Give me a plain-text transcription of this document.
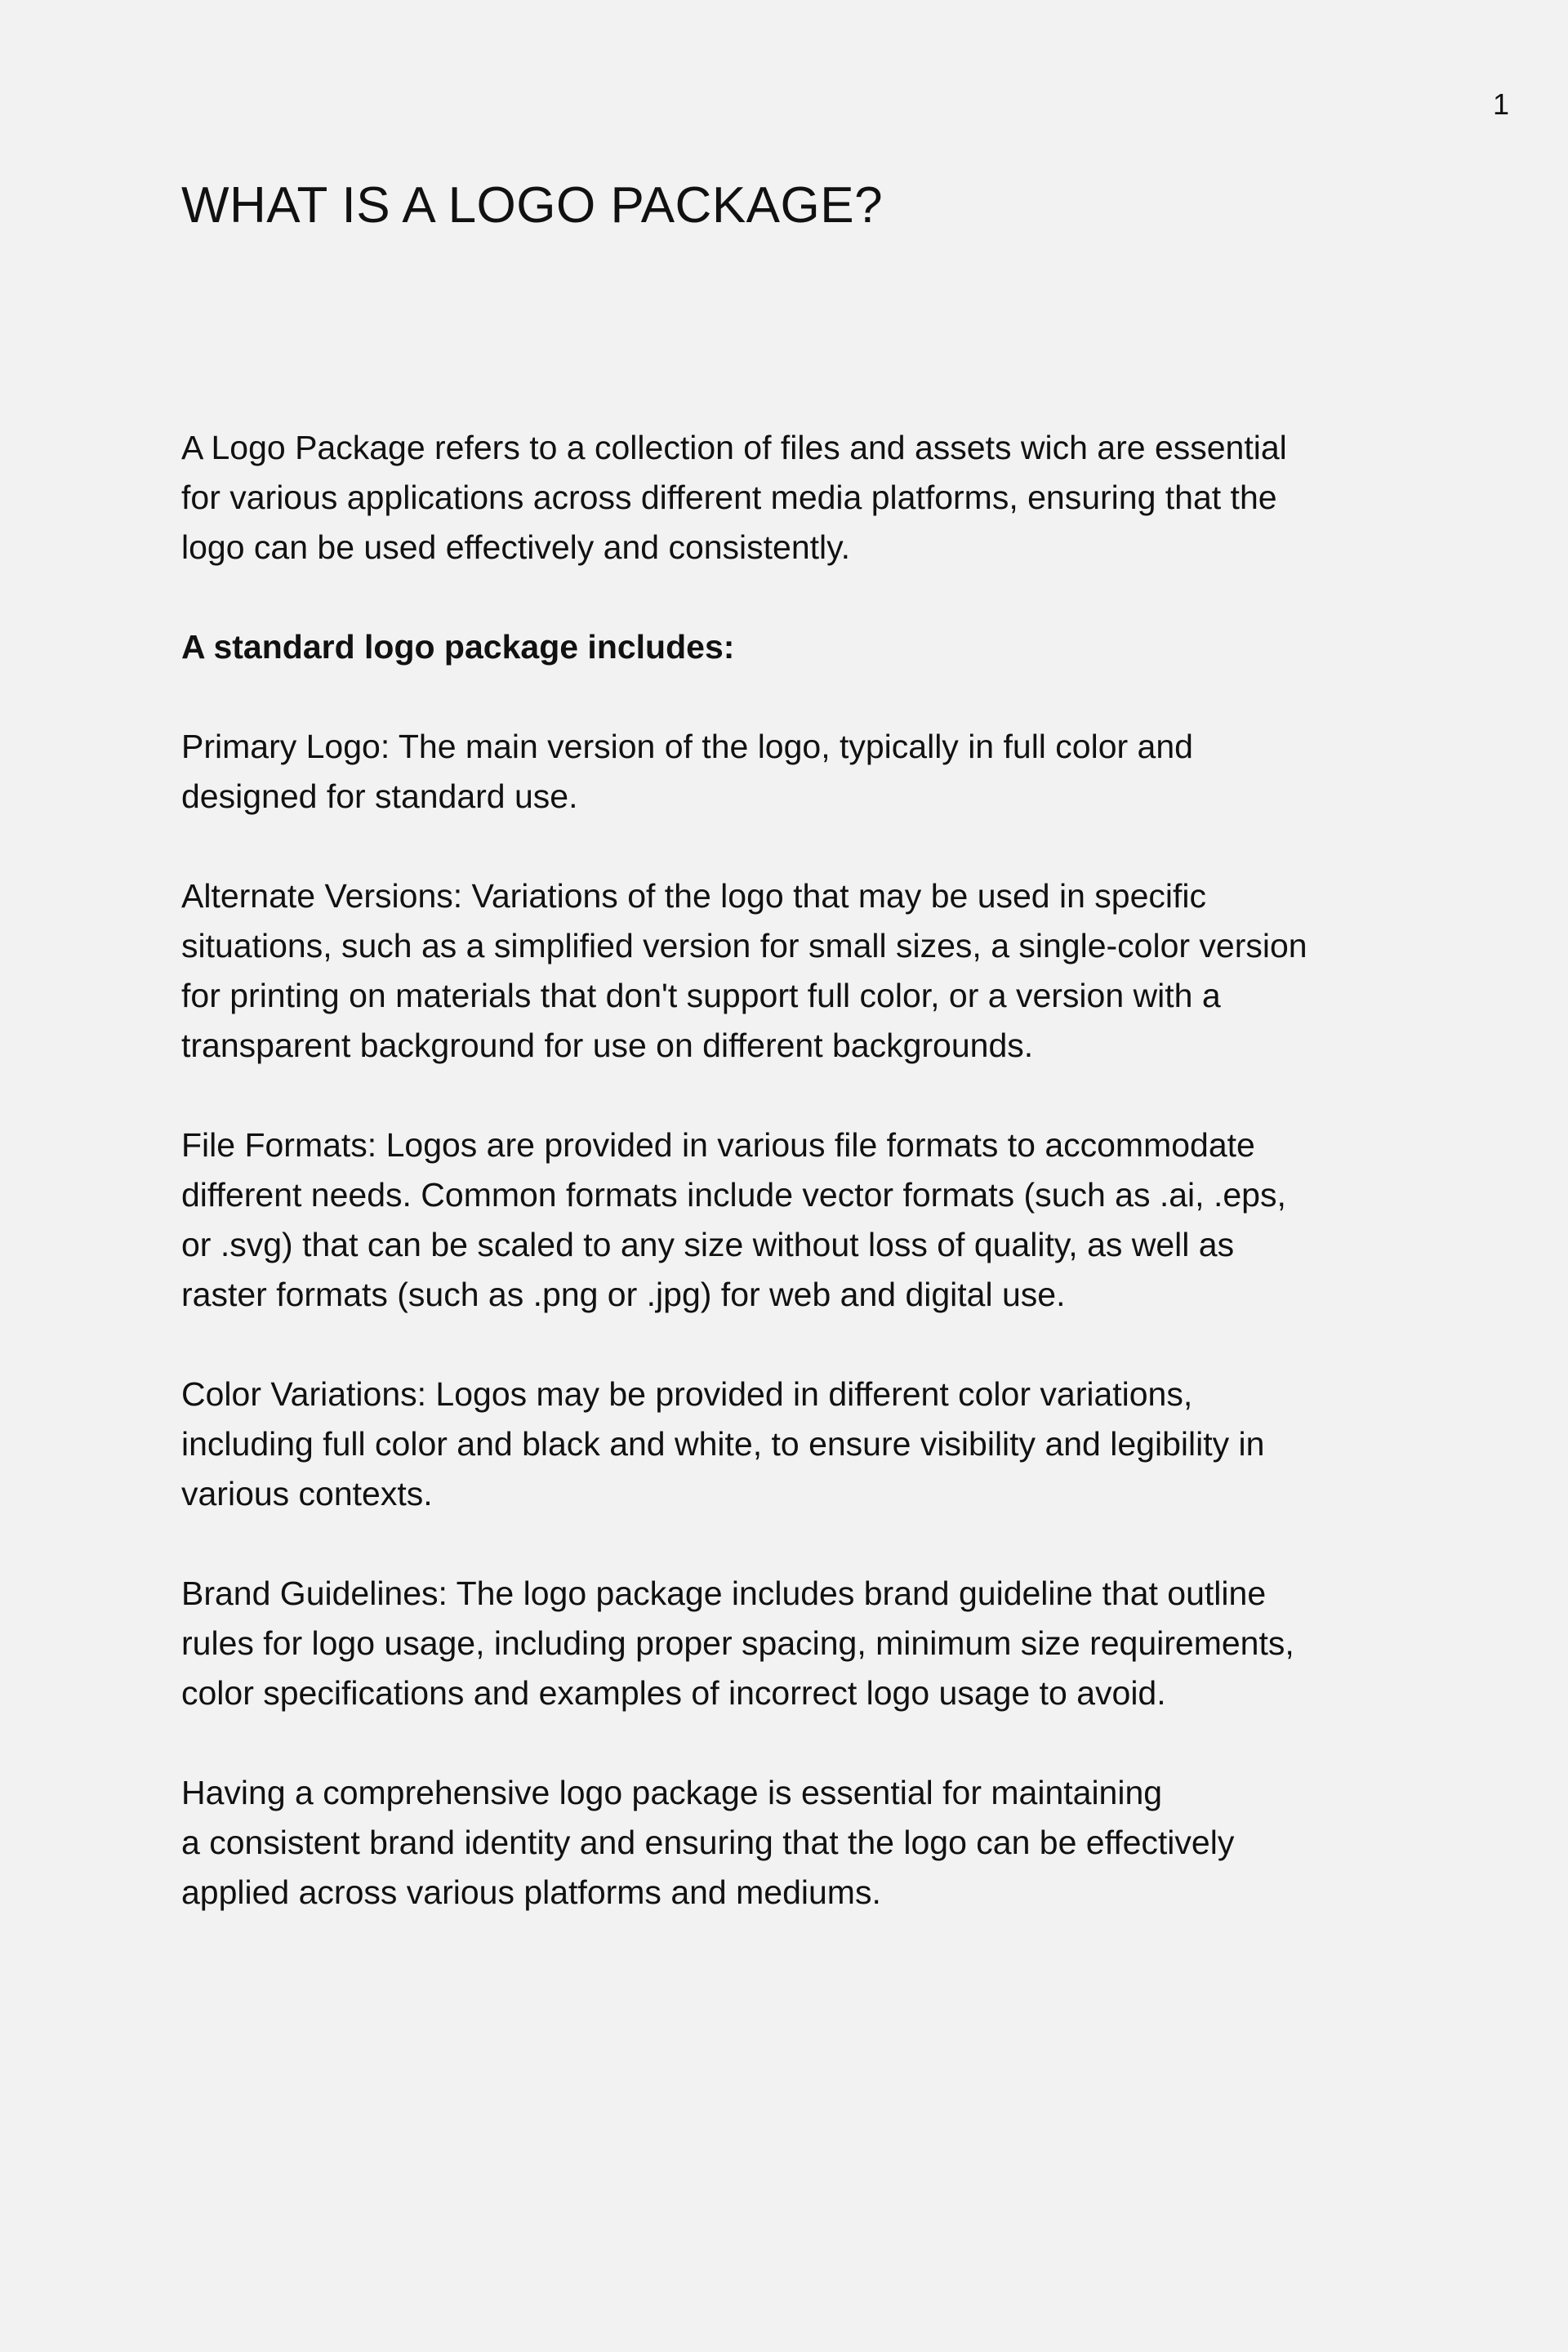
1
WHAT IS A LOGO PACKAGE?

A Logo Package refers to a collection of files and assets wich are essential
for various applications across different media platforms, ensuring that the
logo can be used effectively and consistently.

A standard logo package includes:

Primary Logo: The main version of the logo, typically in full color and
designed for standard use.

Alternate Versions: Variations of the logo that may be used in specific
situations, such as a simplified version for small sizes, a single-color version
for printing on materials that don't support full color, or a version with a
transparent background for use on different backgrounds.

File Formats: Logos are provided in various file formats to accommodate
different needs. Common formats include vector formats (such as .ai, .eps,
or .svg) that can be scaled to any size without loss of quality, as well as
raster formats (such as .png or .jpg) for web and digital use.

Color Variations: Logos may be provided in different color variations,
including full color and black and white, to ensure visibility and legibility in
various contexts.

Brand Guidelines: The logo package includes brand guideline that outline
rules for logo usage, including proper spacing, minimum size requirements,
color specifications and examples of incorrect logo usage to avoid.

Having a comprehensive logo package is essential for maintaining
a consistent brand identity and ensuring that the logo can be effectively
applied across various platforms and mediums.
